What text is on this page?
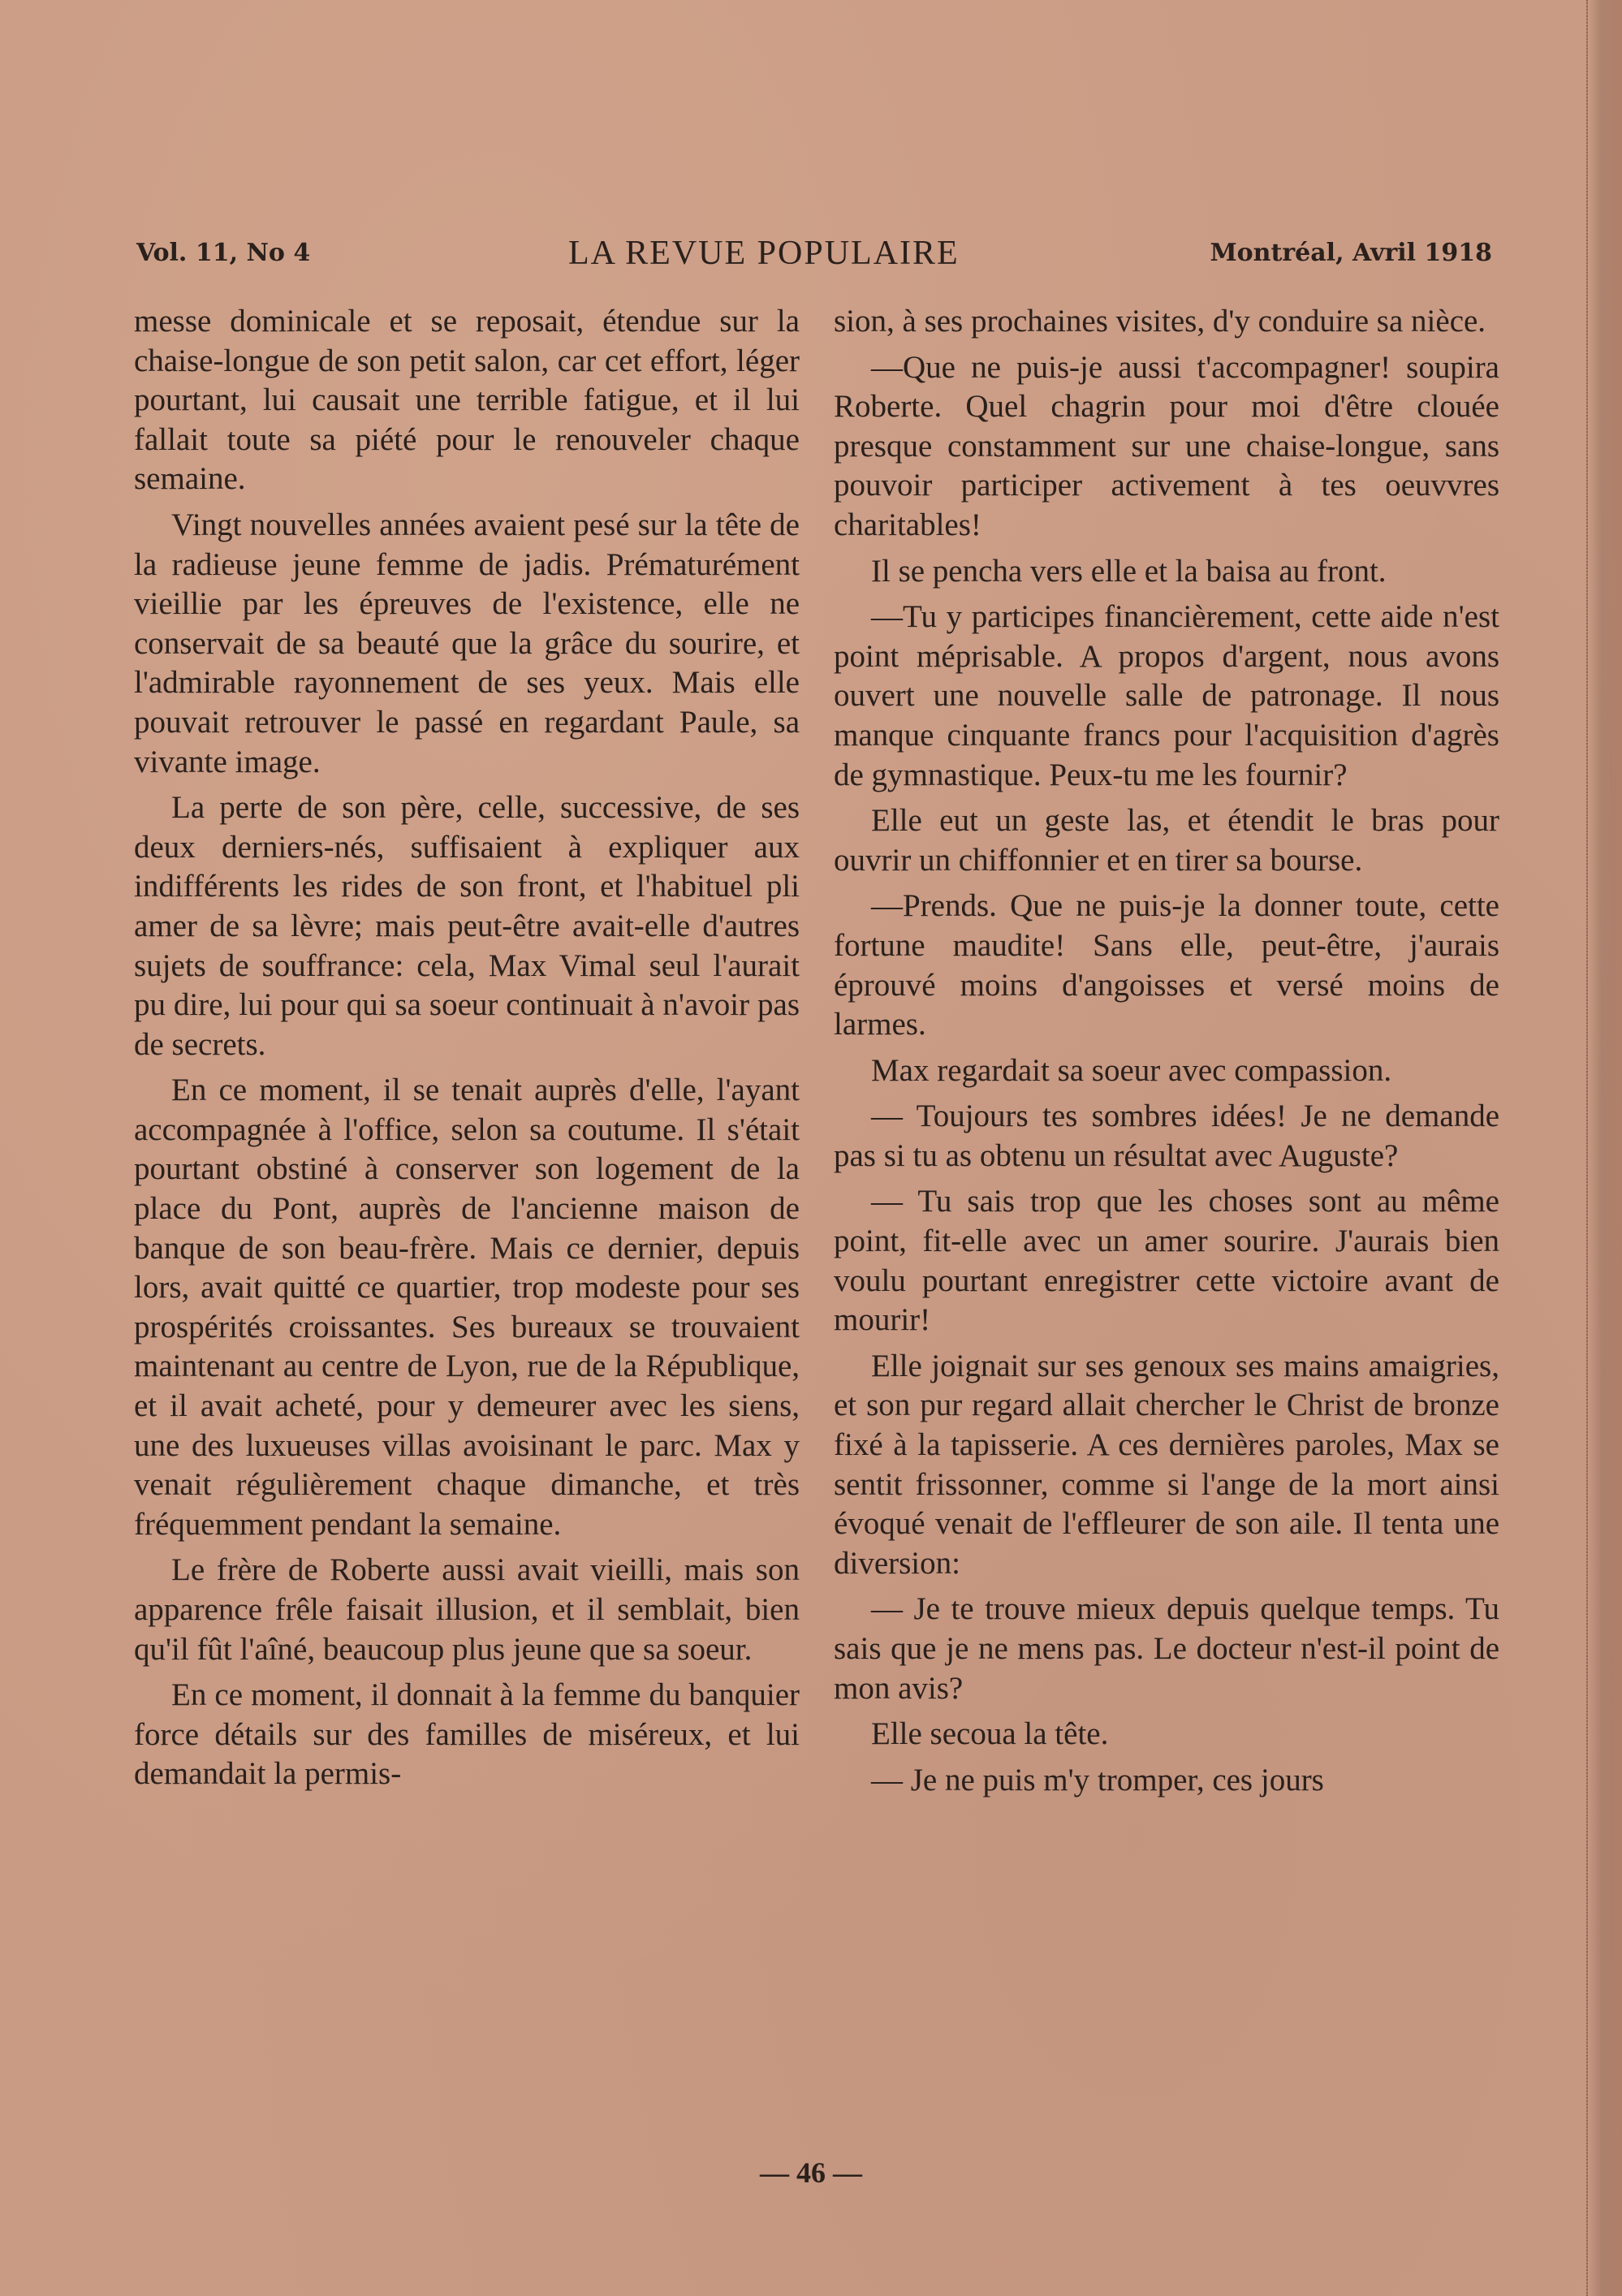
Vol. 11, No 4	LA REVUE POPULAIRE	Montréal, Avril 1918

messe dominicale et se reposait, étendue sur la chaise-longue de son petit salon, car cet effort, léger pourtant, lui causait une terrible fatigue, et il lui fallait toute sa piété pour le renouveler chaque semaine.

Vingt nouvelles années avaient pesé sur la tête de la radieuse jeune femme de jadis. Prématurément vieillie par les épreuves de l'existence, elle ne conservait de sa beauté que la grâce du sourire, et l'admirable rayonnement de ses yeux. Mais elle pouvait retrouver le passé en regardant Paule, sa vivante image.

La perte de son père, celle, successive, de ses deux derniers-nés, suffisaient à expliquer aux indifférents les rides de son front, et l'habituel pli amer de sa lèvre; mais peut-être avait-elle d'autres sujets de souffrance: cela, Max Vimal seul l'aurait pu dire, lui pour qui sa soeur continuait à n'avoir pas de secrets.

En ce moment, il se tenait auprès d'elle, l'ayant accompagnée à l'office, selon sa coutume. Il s'était pourtant obstiné à conserver son logement de la place du Pont, auprès de l'ancienne maison de banque de son beau-frère. Mais ce dernier, depuis lors, avait quitté ce quartier, trop modeste pour ses prospérités croissantes. Ses bureaux se trouvaient maintenant au centre de Lyon, rue de la République, et il avait acheté, pour y demeurer avec les siens, une des luxueuses villas avoisinant le parc. Max y venait régulièrement chaque dimanche, et très fréquemment pendant la semaine.

Le frère de Roberte aussi avait vieilli, mais son apparence frêle faisait illusion, et il semblait, bien qu'il fût l'aîné, beaucoup plus jeune que sa soeur.

En ce moment, il donnait à la femme du banquier force détails sur des familles de miséreux, et lui demandait la permis-

sion, à ses prochaines visites, d'y conduire sa nièce.

—Que ne puis-je aussi t'accompagner! soupira Roberte. Quel chagrin pour moi d'être clouée presque constamment sur une chaise-longue, sans pouvoir participer activement à tes oeuvvres charitables!

Il se pencha vers elle et la baisa au front.

—Tu y participes financièrement, cette aide n'est point méprisable. A propos d'argent, nous avons ouvert une nouvelle salle de patronage. Il nous manque cinquante francs pour l'acquisition d'agrès de gymnastique. Peux-tu me les fournir?

Elle eut un geste las, et étendit le bras pour ouvrir un chiffonnier et en tirer sa bourse.

—Prends. Que ne puis-je la donner toute, cette fortune maudite! Sans elle, peut-être, j'aurais éprouvé moins d'angoisses et versé moins de larmes.

Max regardait sa soeur avec compassion.

— Toujours tes sombres idées! Je ne demande pas si tu as obtenu un résultat avec Auguste?

— Tu sais trop que les choses sont au même point, fit-elle avec un amer sourire. J'aurais bien voulu pourtant enregistrer cette victoire avant de mourir!

Elle joignait sur ses genoux ses mains amaigries, et son pur regard allait chercher le Christ de bronze fixé à la tapisserie. A ces dernières paroles, Max se sentit frissonner, comme si l'ange de la mort ainsi évoqué venait de l'effleurer de son aile. Il tenta une diversion:

— Je te trouve mieux depuis quelque temps. Tu sais que je ne mens pas. Le docteur n'est-il point de mon avis?

Elle secoua la tête.

— Je ne puis m'y tromper, ces jours

— 46 —
